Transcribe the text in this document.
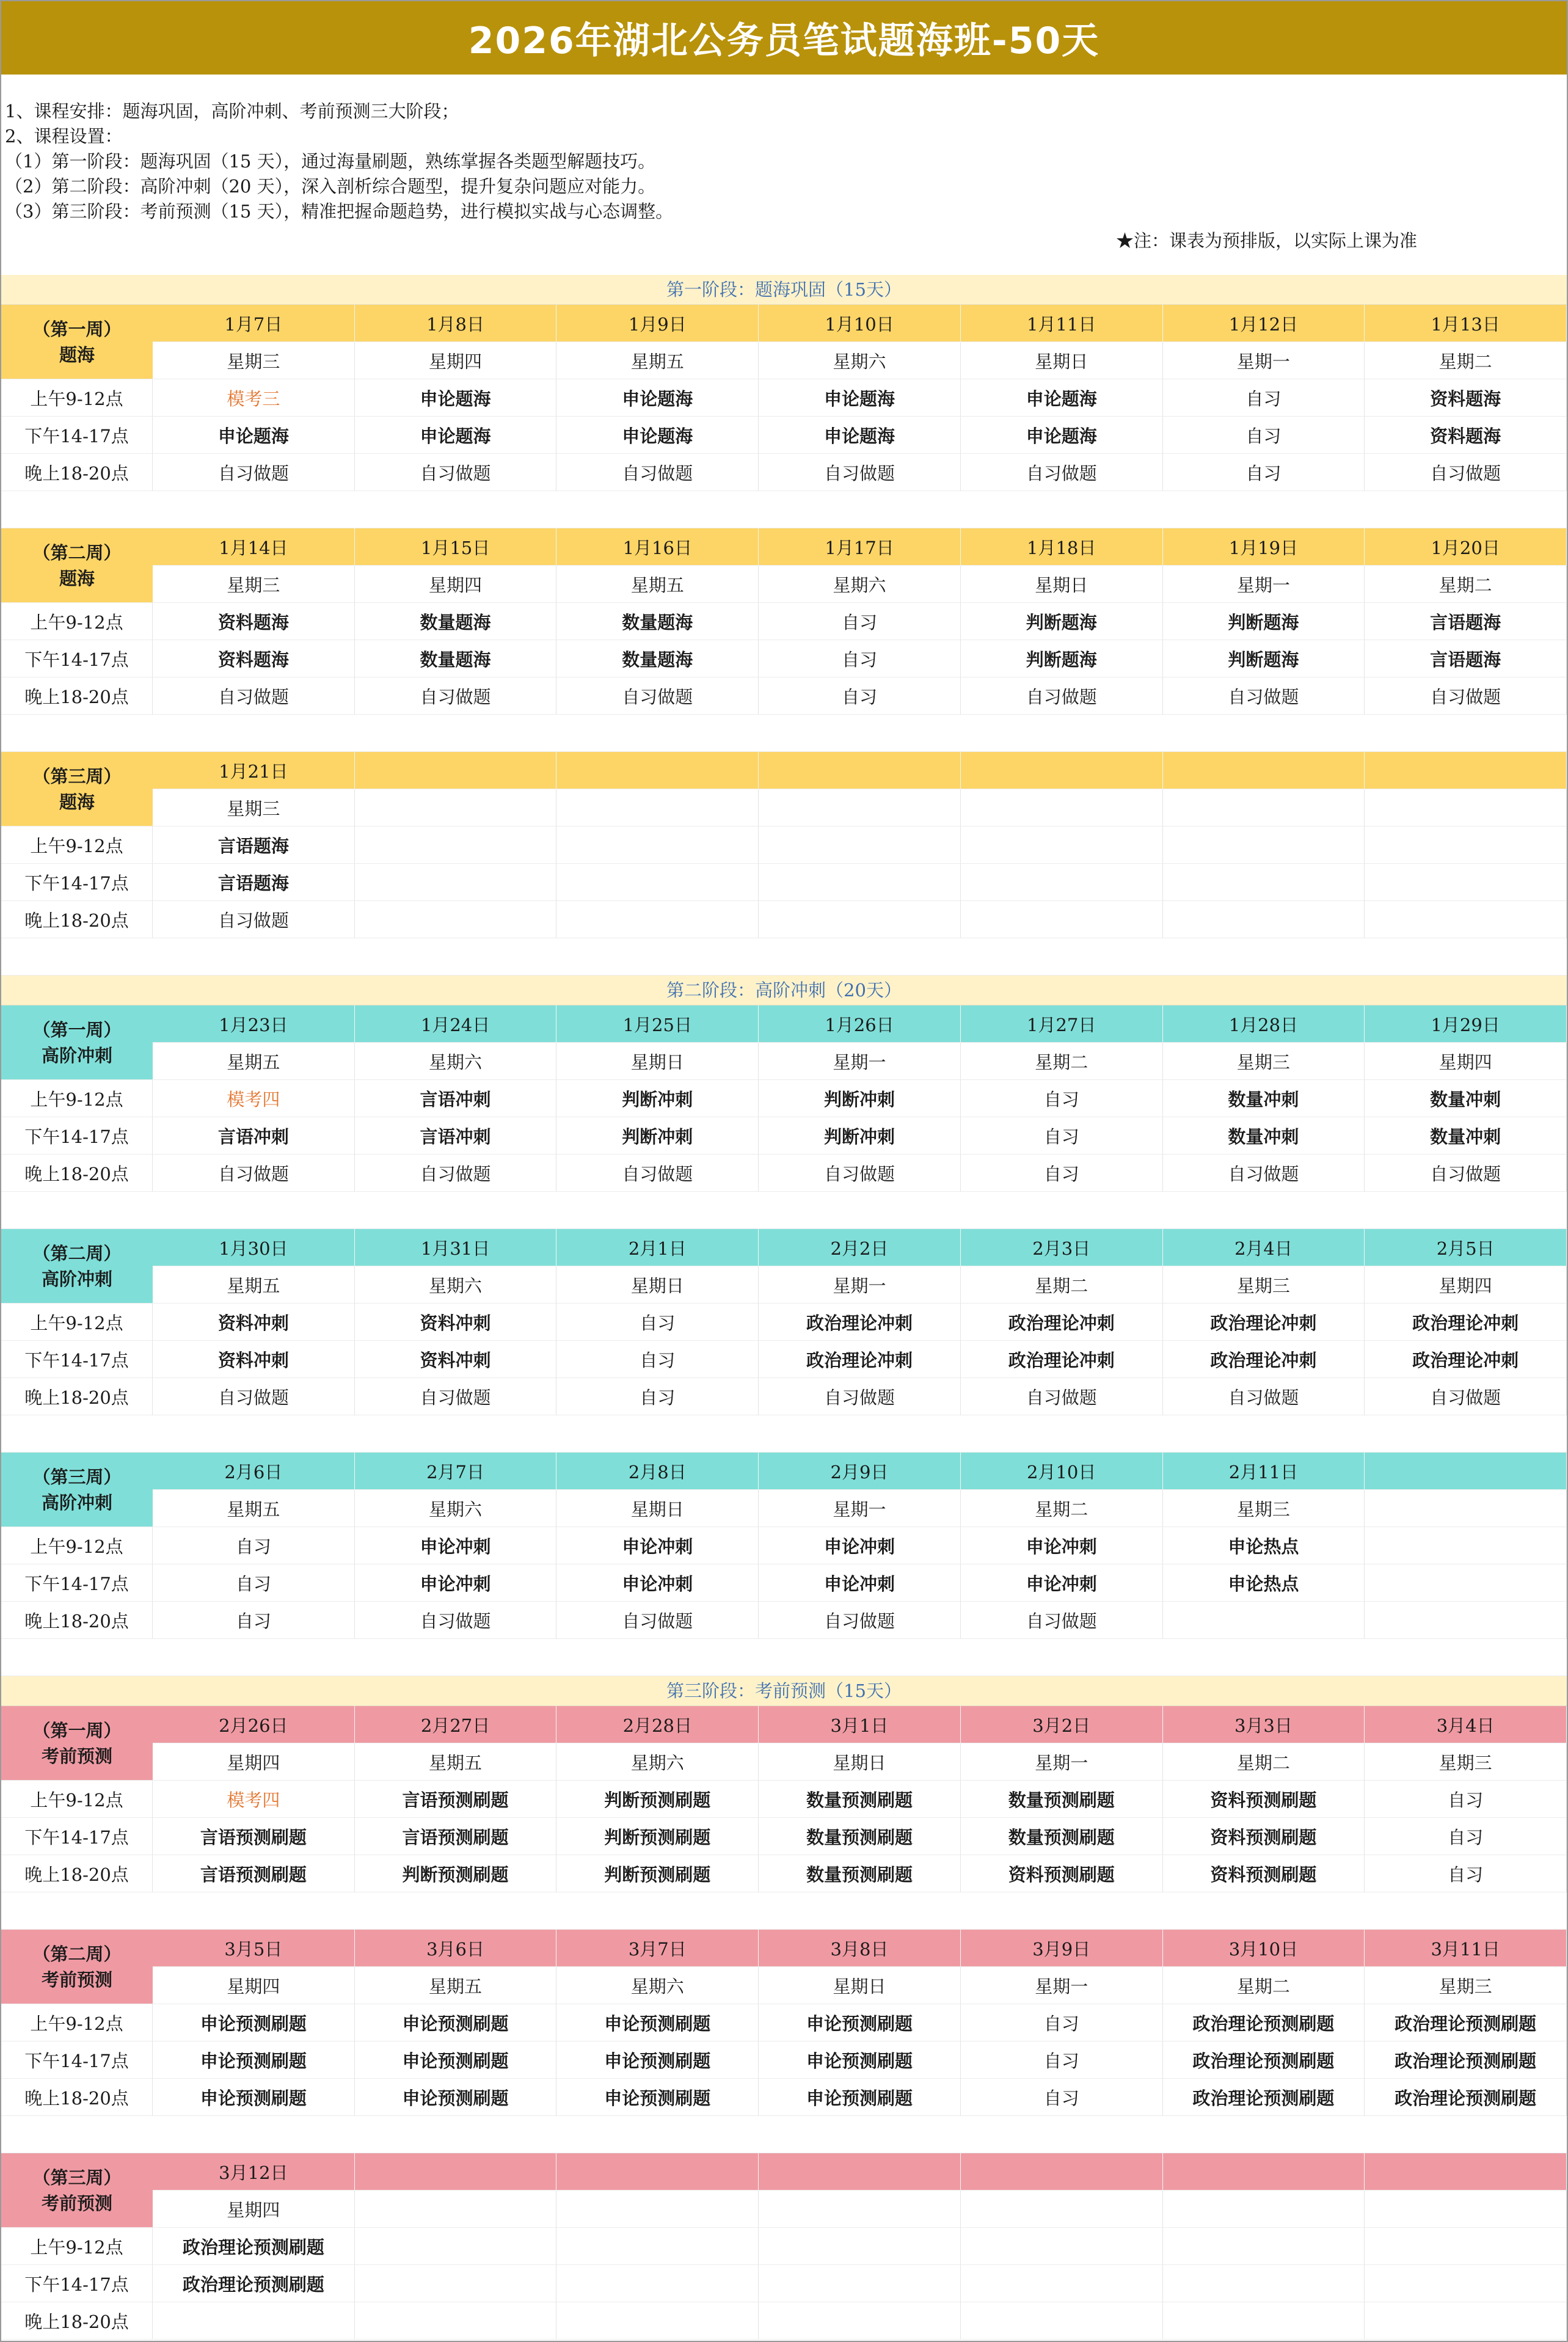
2026年湖北公务员笔试题海班-50天
1、课程安排：题海巩固，高阶冲刺、考前预测三大阶段；
2、课程设置：
（1）第一阶段：题海巩固（15 天），通过海量刷题，熟练掌握各类题型解题技巧。
（2）第二阶段：高阶冲刺（20 天），深入剖析综合题型，提升复杂问题应对能力。
（3）第三阶段：考前预测（15 天），精准把握命题趋势，进行模拟实战与心态调整。
★注：课表为预排版，以实际上课为准
第一阶段：题海巩固（15天）
（第一周）
题海
1月7日	1月8日	1月9日	1月10日	1月11日	1月12日	1月13日
星期三	星期四	星期五	星期六	星期日	星期一	星期二
上午9-12点	模考三	申论题海	申论题海	申论题海	申论题海	自习	资料题海
下午14-17点	申论题海	申论题海	申论题海	申论题海	申论题海	自习	资料题海
晚上18-20点	自习做题	自习做题	自习做题	自习做题	自习做题	自习	自习做题
（第二周）
题海
1月14日	1月15日	1月16日	1月17日	1月18日	1月19日	1月20日
星期三	星期四	星期五	星期六	星期日	星期一	星期二
上午9-12点	资料题海	数量题海	数量题海	自习	判断题海	判断题海	言语题海
下午14-17点	资料题海	数量题海	数量题海	自习	判断题海	判断题海	言语题海
晚上18-20点	自习做题	自习做题	自习做题	自习	自习做题	自习做题	自习做题
（第三周）
题海
1月21日
星期三
上午9-12点	言语题海
下午14-17点	言语题海
晚上18-20点	自习做题
第二阶段：高阶冲刺（20天）
（第一周）
高阶冲刺
1月23日	1月24日	1月25日	1月26日	1月27日	1月28日	1月29日
星期五	星期六	星期日	星期一	星期二	星期三	星期四
上午9-12点	模考四	言语冲刺	判断冲刺	判断冲刺	自习	数量冲刺	数量冲刺
下午14-17点	言语冲刺	言语冲刺	判断冲刺	判断冲刺	自习	数量冲刺	数量冲刺
晚上18-20点	自习做题	自习做题	自习做题	自习做题	自习	自习做题	自习做题
（第二周）
高阶冲刺
1月30日	1月31日	2月1日	2月2日	2月3日	2月4日	2月5日
星期五	星期六	星期日	星期一	星期二	星期三	星期四
上午9-12点	资料冲刺	资料冲刺	自习	政治理论冲刺	政治理论冲刺	政治理论冲刺	政治理论冲刺
下午14-17点	资料冲刺	资料冲刺	自习	政治理论冲刺	政治理论冲刺	政治理论冲刺	政治理论冲刺
晚上18-20点	自习做题	自习做题	自习	自习做题	自习做题	自习做题	自习做题
（第三周）
高阶冲刺
2月6日	2月7日	2月8日	2月9日	2月10日	2月11日
星期五	星期六	星期日	星期一	星期二	星期三
上午9-12点	自习	申论冲刺	申论冲刺	申论冲刺	申论冲刺	申论热点
下午14-17点	自习	申论冲刺	申论冲刺	申论冲刺	申论冲刺	申论热点
晚上18-20点	自习	自习做题	自习做题	自习做题	自习做题
第三阶段：考前预测（15天）
（第一周）
考前预测
2月26日	2月27日	2月28日	3月1日	3月2日	3月3日	3月4日
星期四	星期五	星期六	星期日	星期一	星期二	星期三
上午9-12点	模考四	言语预测刷题	判断预测刷题	数量预测刷题	数量预测刷题	资料预测刷题	自习
下午14-17点	言语预测刷题	言语预测刷题	判断预测刷题	数量预测刷题	数量预测刷题	资料预测刷题	自习
晚上18-20点	言语预测刷题	判断预测刷题	判断预测刷题	数量预测刷题	资料预测刷题	资料预测刷题	自习
（第二周）
考前预测
3月5日	3月6日	3月7日	3月8日	3月9日	3月10日	3月11日
星期四	星期五	星期六	星期日	星期一	星期二	星期三
上午9-12点	申论预测刷题	申论预测刷题	申论预测刷题	申论预测刷题	自习	政治理论预测刷题	政治理论预测刷题
下午14-17点	申论预测刷题	申论预测刷题	申论预测刷题	申论预测刷题	自习	政治理论预测刷题	政治理论预测刷题
晚上18-20点	申论预测刷题	申论预测刷题	申论预测刷题	申论预测刷题	自习	政治理论预测刷题	政治理论预测刷题
（第三周）
考前预测
3月12日
星期四
上午9-12点	政治理论预测刷题
下午14-17点	政治理论预测刷题
晚上18-20点
